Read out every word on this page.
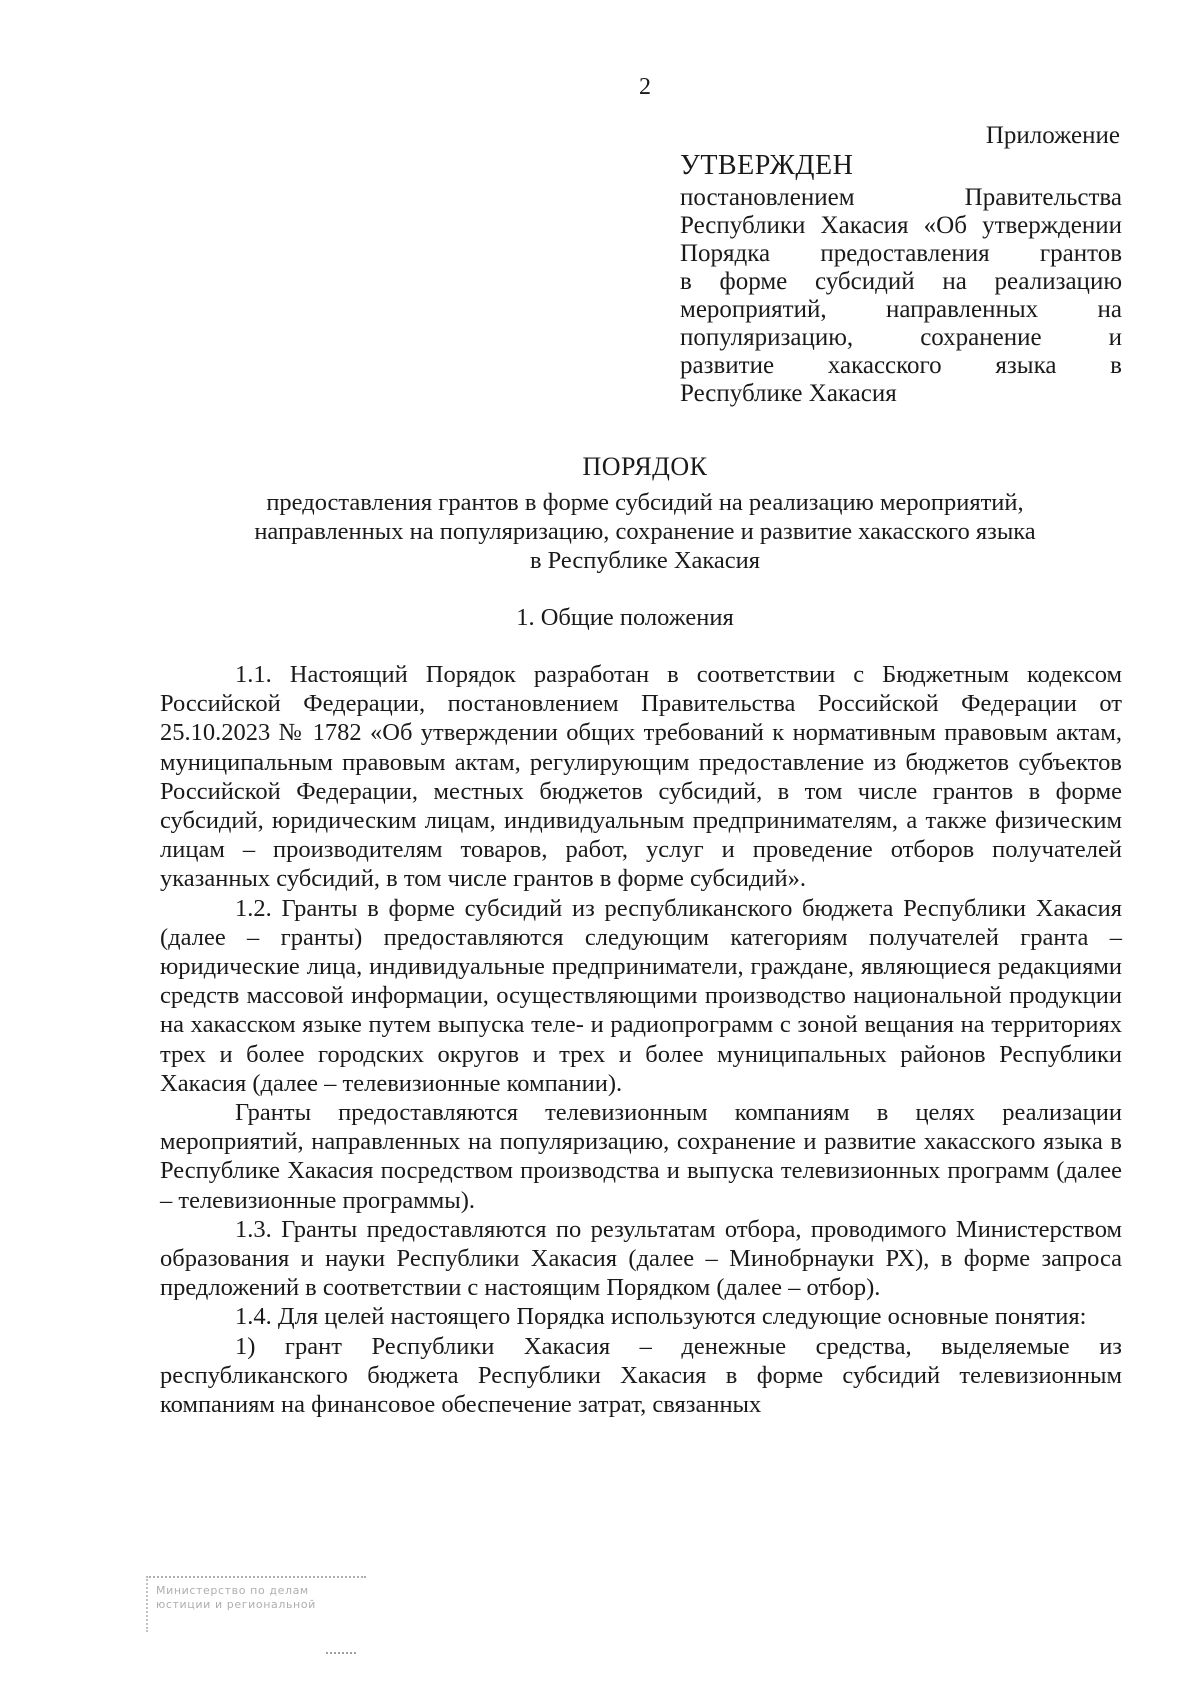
2
Приложение
УТВЕРЖДЕН
постановлением Правительства
Республики Хакасия «Об утверждении
Порядка предоставления грантов
в форме субсидий на реализацию
мероприятий, направленных на
популяризацию, сохранение и
развитие хакасского языка в
Республике Хакасия
ПОРЯДОК
предоставления грантов в форме субсидий на реализацию мероприятий,
направленных на популяризацию, сохранение и развитие хакасского языка
в Республике Хакасия
1. Общие положения

1.1. Настоящий Порядок разработан в соответствии с Бюджетным кодексом Российской Федерации, постановлением Правительства Российской Федерации от 25.10.2023 № 1782 «Об утверждении общих требований к нормативным правовым актам, муниципальным правовым актам, регулирующим предоставление из бюджетов субъектов Российской Федерации, местных бюджетов субсидий, в том числе грантов в форме субсидий, юридическим лицам, индивидуальным предпринимателям, а также физическим лицам – производителям товаров, работ, услуг и проведение отборов получателей указанных субсидий, в том числе грантов в форме субсидий».

1.2. Гранты в форме субсидий из республиканского бюджета Республики Хакасия (далее – гранты) предоставляются следующим категориям получателей гранта – юридические лица, индивидуальные предприниматели, граждане, являющиеся редакциями средств массовой информации, осуществляющими производство национальной продукции на хакасском языке путем выпуска теле- и радиопрограмм с зоной вещания на территориях трех и более городских округов и трех и более муниципальных районов Республики Хакасия (далее – телевизионные компании).

Гранты предоставляются телевизионным компаниям в целях реализации мероприятий, направленных на популяризацию, сохранение и развитие хакасского языка в Республике Хакасия посредством производства и выпуска телевизионных программ (далее – телевизионные программы).

1.3. Гранты предоставляются по результатам отбора, проводимого Министерством образования и науки Республики Хакасия (далее – Минобрнауки РХ), в форме запроса предложений в соответствии с настоящим Порядком (далее – отбор).

1.4. Для целей настоящего Порядка используются следующие основные понятия:

1) грант Республики Хакасия – денежные средства, выделяемые из республиканского бюджета Республики Хакасия в форме субсидий телевизионным компаниям на финансовое обеспечение затрат, связанных

Министерство по делам
юстиции и региональной
